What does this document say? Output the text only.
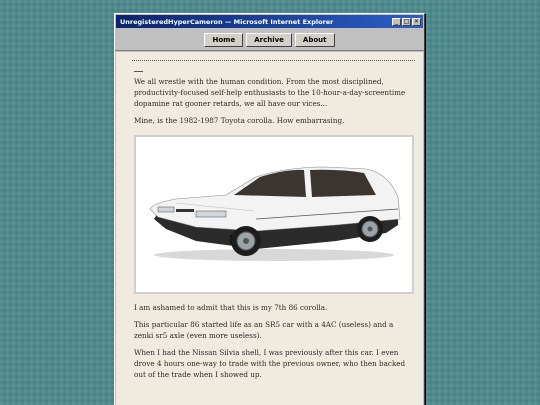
UnregisteredHyperCameron — Microsoft Internet Explorer	_ □ ×
Home	Archive	About

We all wrestle with the human condition. From the most disciplined, productivity-focused self-help enthusiasts to the 10-hour-a-day-screentime dopamine rat gooner retards, we all have our vices...

Mine, is the 1982-1987 Toyota corolla. How embarrasing.

I am ashamed to admit that this is my 7th 86 corolla.

This particular 86 started life as an SR5 car with a 4AC (useless) and a zenki sr5 axle (even more useless).

When I had the Nissan Silvia shell, I was previously after this car. I even drove 4 hours one-way to trade with the previous owner, who then backed out of the trade when I showed up.
